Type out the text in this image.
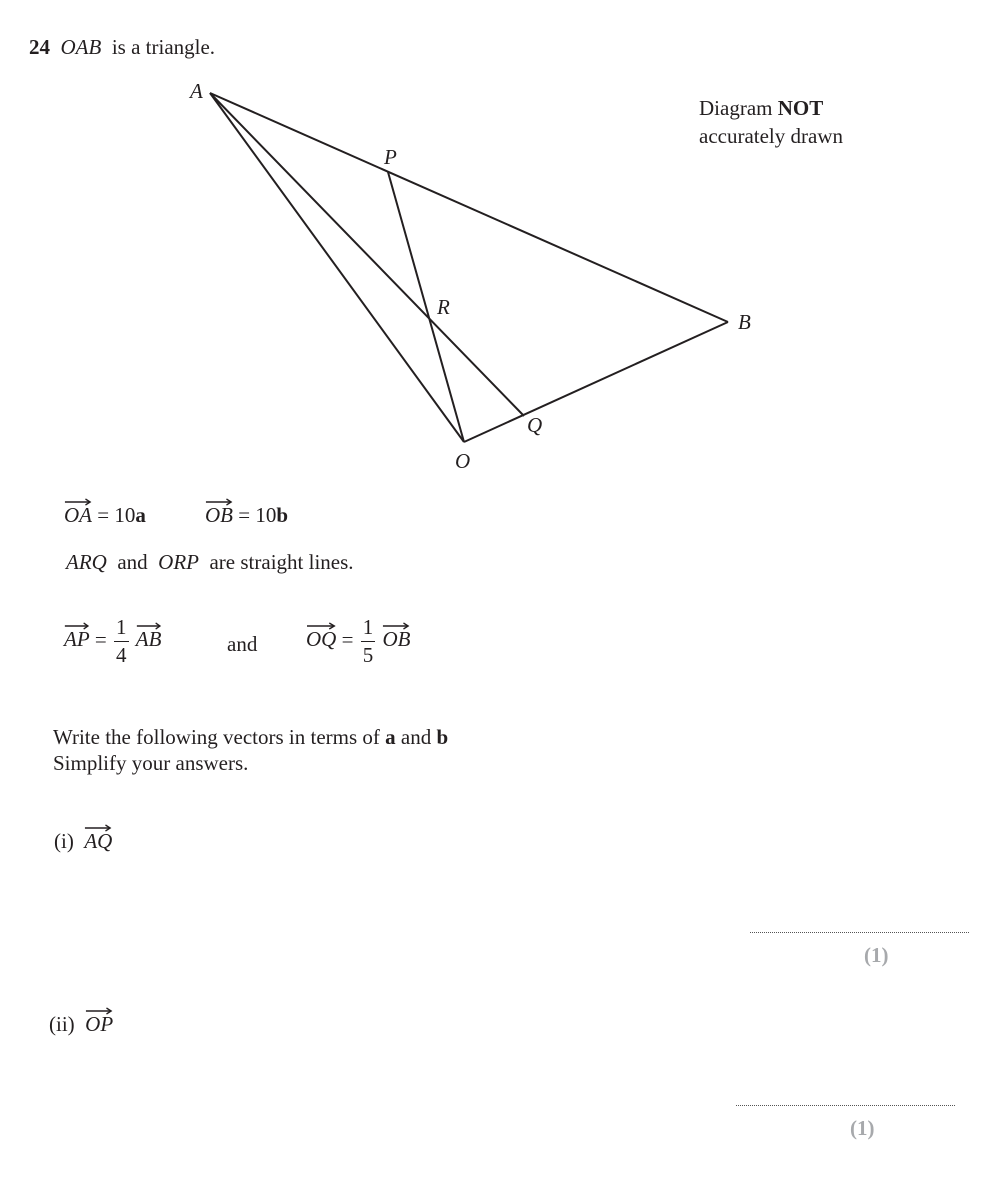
24 OAB is a triangle.
A
P
R
B
Q
O
Diagram NOT
accurately drawn
OA = 10a	OB = 10b
ARQ and ORP are straight lines.
AP = $\frac{1}{4}$
AB	and OQ = $\frac{1}{5}$
OB
Write the following vectors in terms of a and b
Simplify your answers.
(i) AQ
(1)
(ii) OP
(1)
